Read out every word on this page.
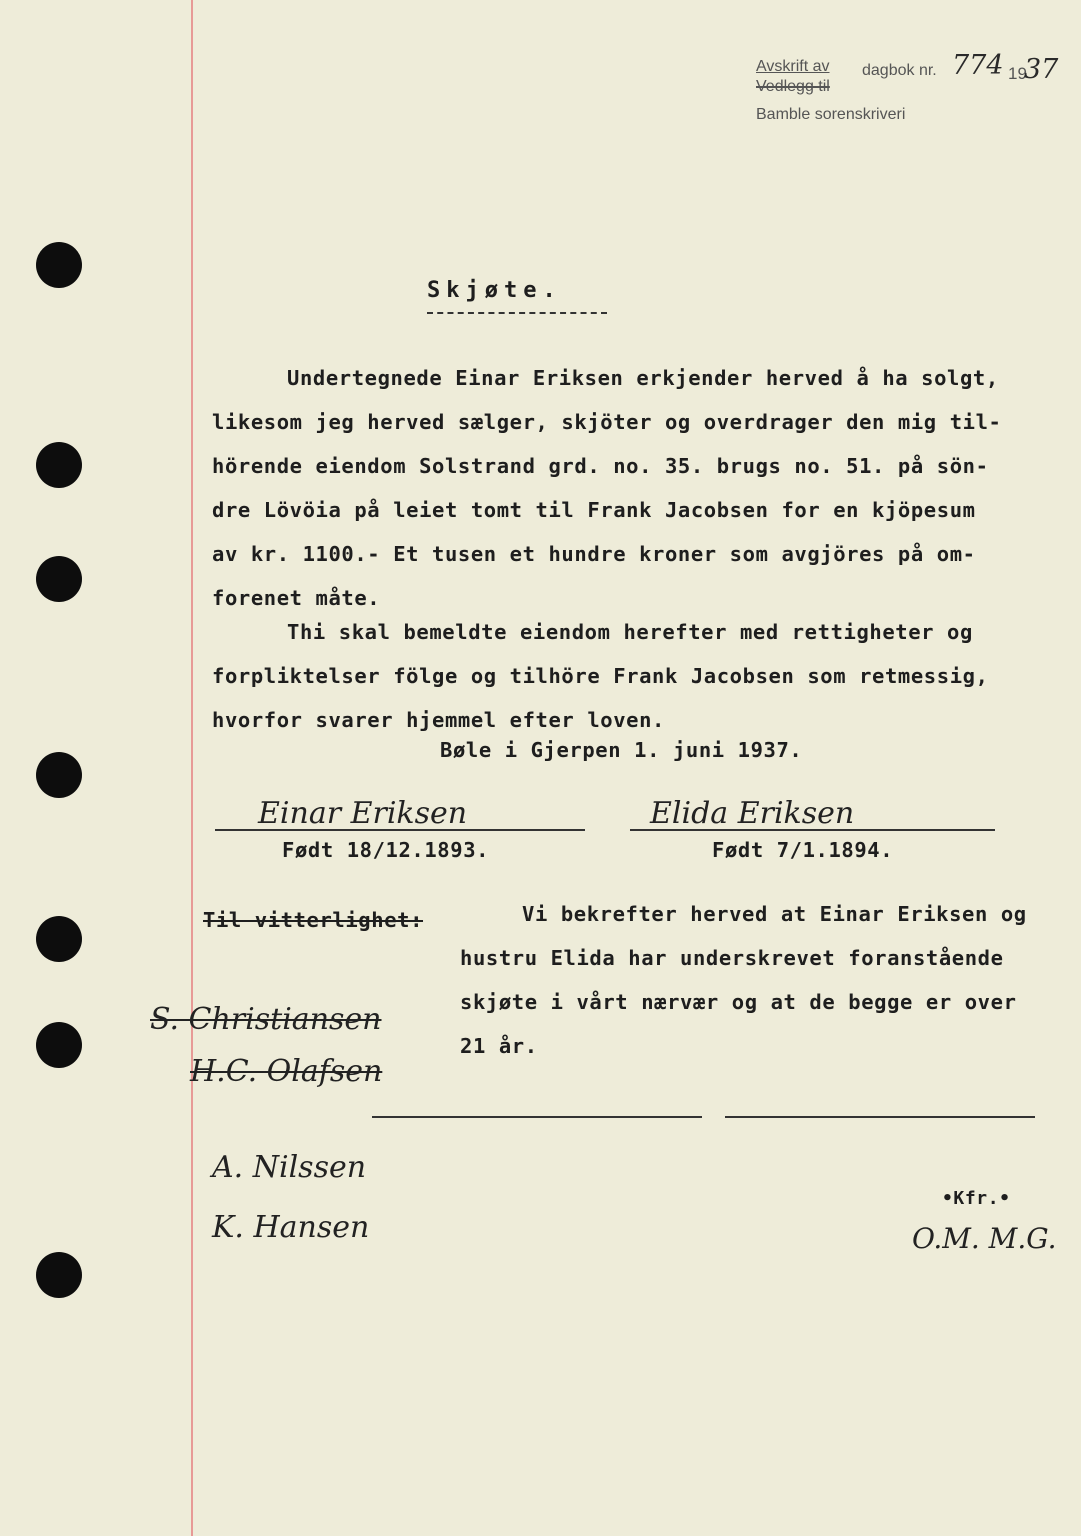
Avskrift av dagbok nr.
Vedlegg til
Bamble sorenskriveri
774 19
37
Skjøte.

Undertegnede Einar Eriksen erkjender herved å ha solgt,

likesom jeg herved sælger, skjöter og overdrager den mig til-

hörende eiendom Solstrand grd. no. 35. brugs no. 51. på sön-

dre Lövöia på leiet tomt til Frank Jacobsen for en kjöpesum

av kr. 1100.- Et tusen et hundre kroner som avgjöres på om-

forenet måte.

Thi skal bemeldte eiendom herefter med rettigheter og

forpliktelser fölge og tilhöre Frank Jacobsen som retmessig,

hvorfor svarer hjemmel efter loven.

Bøle i Gjerpen 1. juni 1937.
Einar Eriksen	Elida Eriksen
Født 18/12.1893.	Født 7/1.1894.
Til vitterlighet:	Vi bekrefter herved at Einar Eriksen og

hustru Elida har underskrevet foranstående

skjøte i vårt nærvær og at de begge er over

21 år.

S. Christiansen
H.C. Olafsen
A. Nilssen
K. Hansen
•Kfr.•
O.M. M.G.
